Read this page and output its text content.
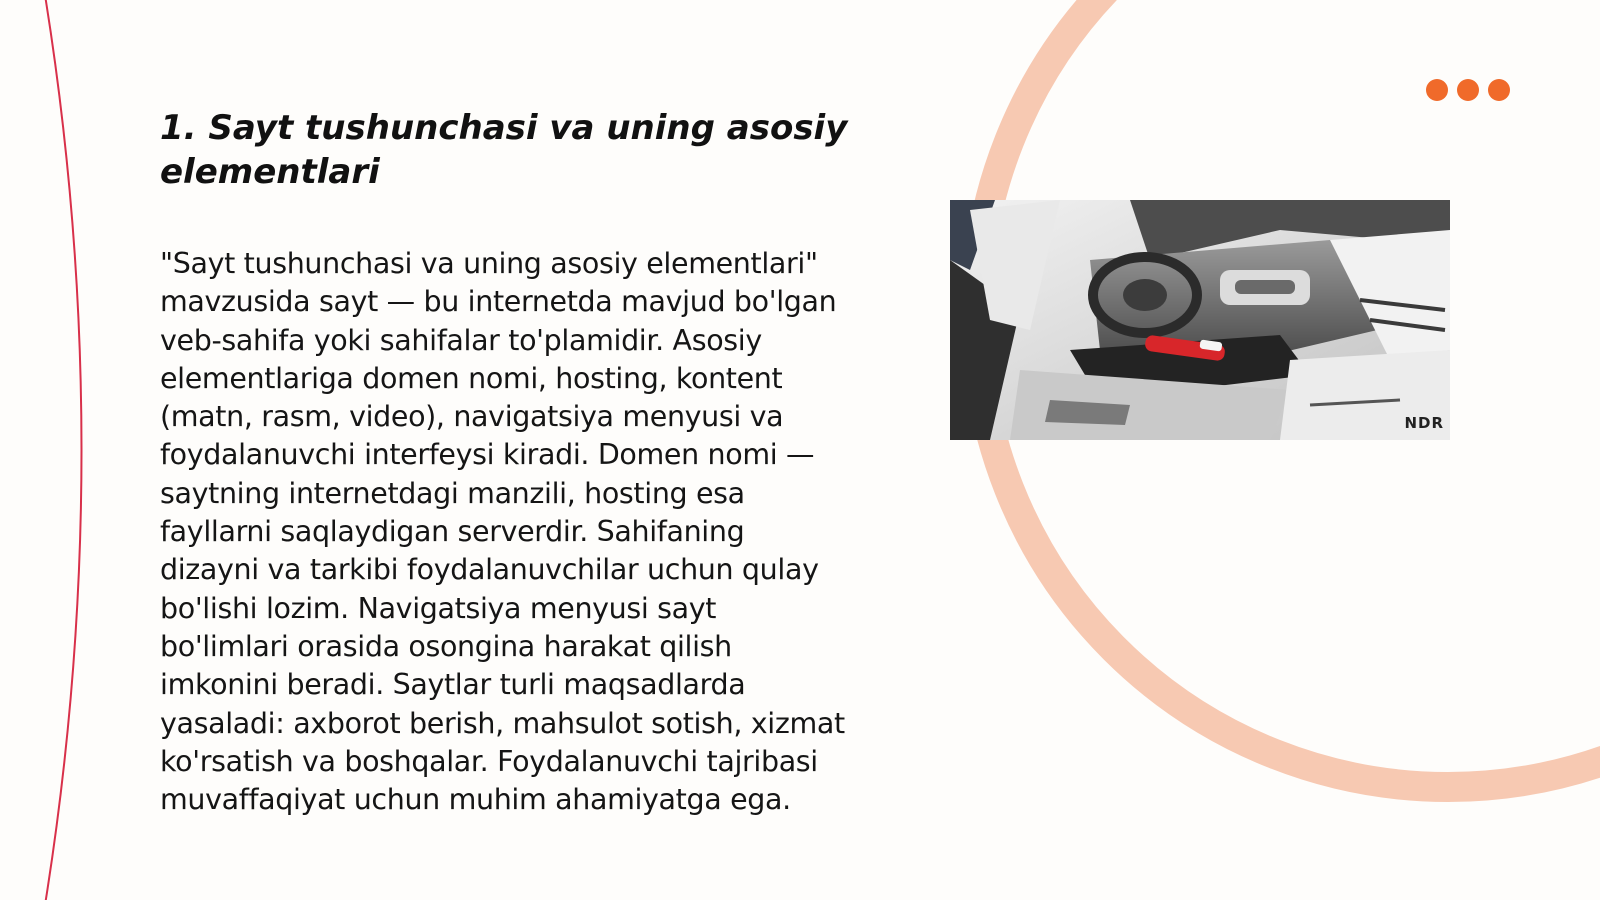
1. Sayt tushunchasi va uning asosiy elementlari

"Sayt tushunchasi va uning asosiy elementlari" mavzusida sayt — bu internetda mavjud bo'lgan veb-sahifa yoki sahifalar to'plamidir. Asosiy elementlariga domen nomi, hosting, kontent (matn, rasm, video), navigatsiya menyusi va foydalanuvchi interfeysi kiradi. Domen nomi — saytning internetdagi manzili, hosting esa fayllarni saqlaydigan serverdir. Sahifaning dizayni va tarkibi foydalanuvchilar uchun qulay bo'lishi lozim. Navigatsiya menyusi sayt bo'limlari orasida osongina harakat qilish imkonini beradi. Saytlar turli maqsadlarda yasaladi: axborot berish, mahsulot sotish, xizmat ko'rsatish va boshqalar. Foydalanuvchi tajribasi muvaffaqiyat uchun muhim ahamiyatga ega.

NDR
